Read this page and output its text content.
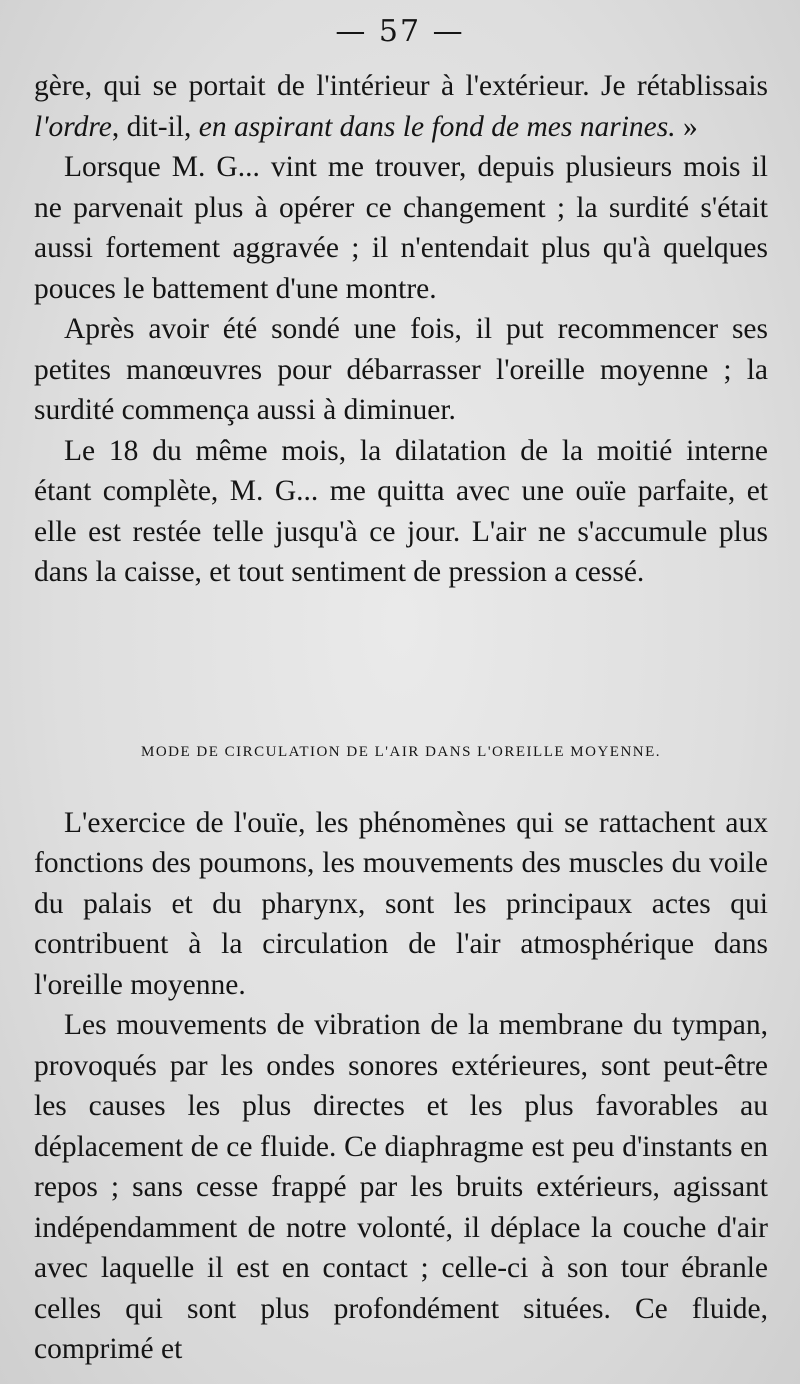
— 57 —

gère, qui se portait de l'intérieur à l'extérieur. Je rétablissais l'ordre, dit-il, en aspirant dans le fond de mes narines. »

Lorsque M. G... vint me trouver, depuis plusieurs mois il ne parvenait plus à opérer ce changement ; la surdité s'était aussi fortement aggravée ; il n'entendait plus qu'à quelques pouces le battement d'une montre.

Après avoir été sondé une fois, il put recommencer ses petites manœuvres pour débarrasser l'oreille moyenne ; la surdité commença aussi à diminuer.

Le 18 du même mois, la dilatation de la moitié interne étant complète, M. G... me quitta avec une ouïe parfaite, et elle est restée telle jusqu'à ce jour. L'air ne s'accumule plus dans la caisse, et tout sentiment de pression a cessé.

MODE DE CIRCULATION DE L'AIR DANS L'OREILLE MOYENNE.

L'exercice de l'ouïe, les phénomènes qui se rattachent aux fonctions des poumons, les mouvements des muscles du voile du palais et du pharynx, sont les principaux actes qui contribuent à la circulation de l'air atmosphérique dans l'oreille moyenne.

Les mouvements de vibration de la membrane du tympan, provoqués par les ondes sonores extérieures, sont peut-être les causes les plus directes et les plus favorables au déplacement de ce fluide. Ce diaphragme est peu d'instants en repos ; sans cesse frappé par les bruits extérieurs, agissant indépendamment de notre volonté, il déplace la couche d'air avec laquelle il est en contact ; celle-ci à son tour ébranle celles qui sont plus profondément situées. Ce fluide, comprimé et
